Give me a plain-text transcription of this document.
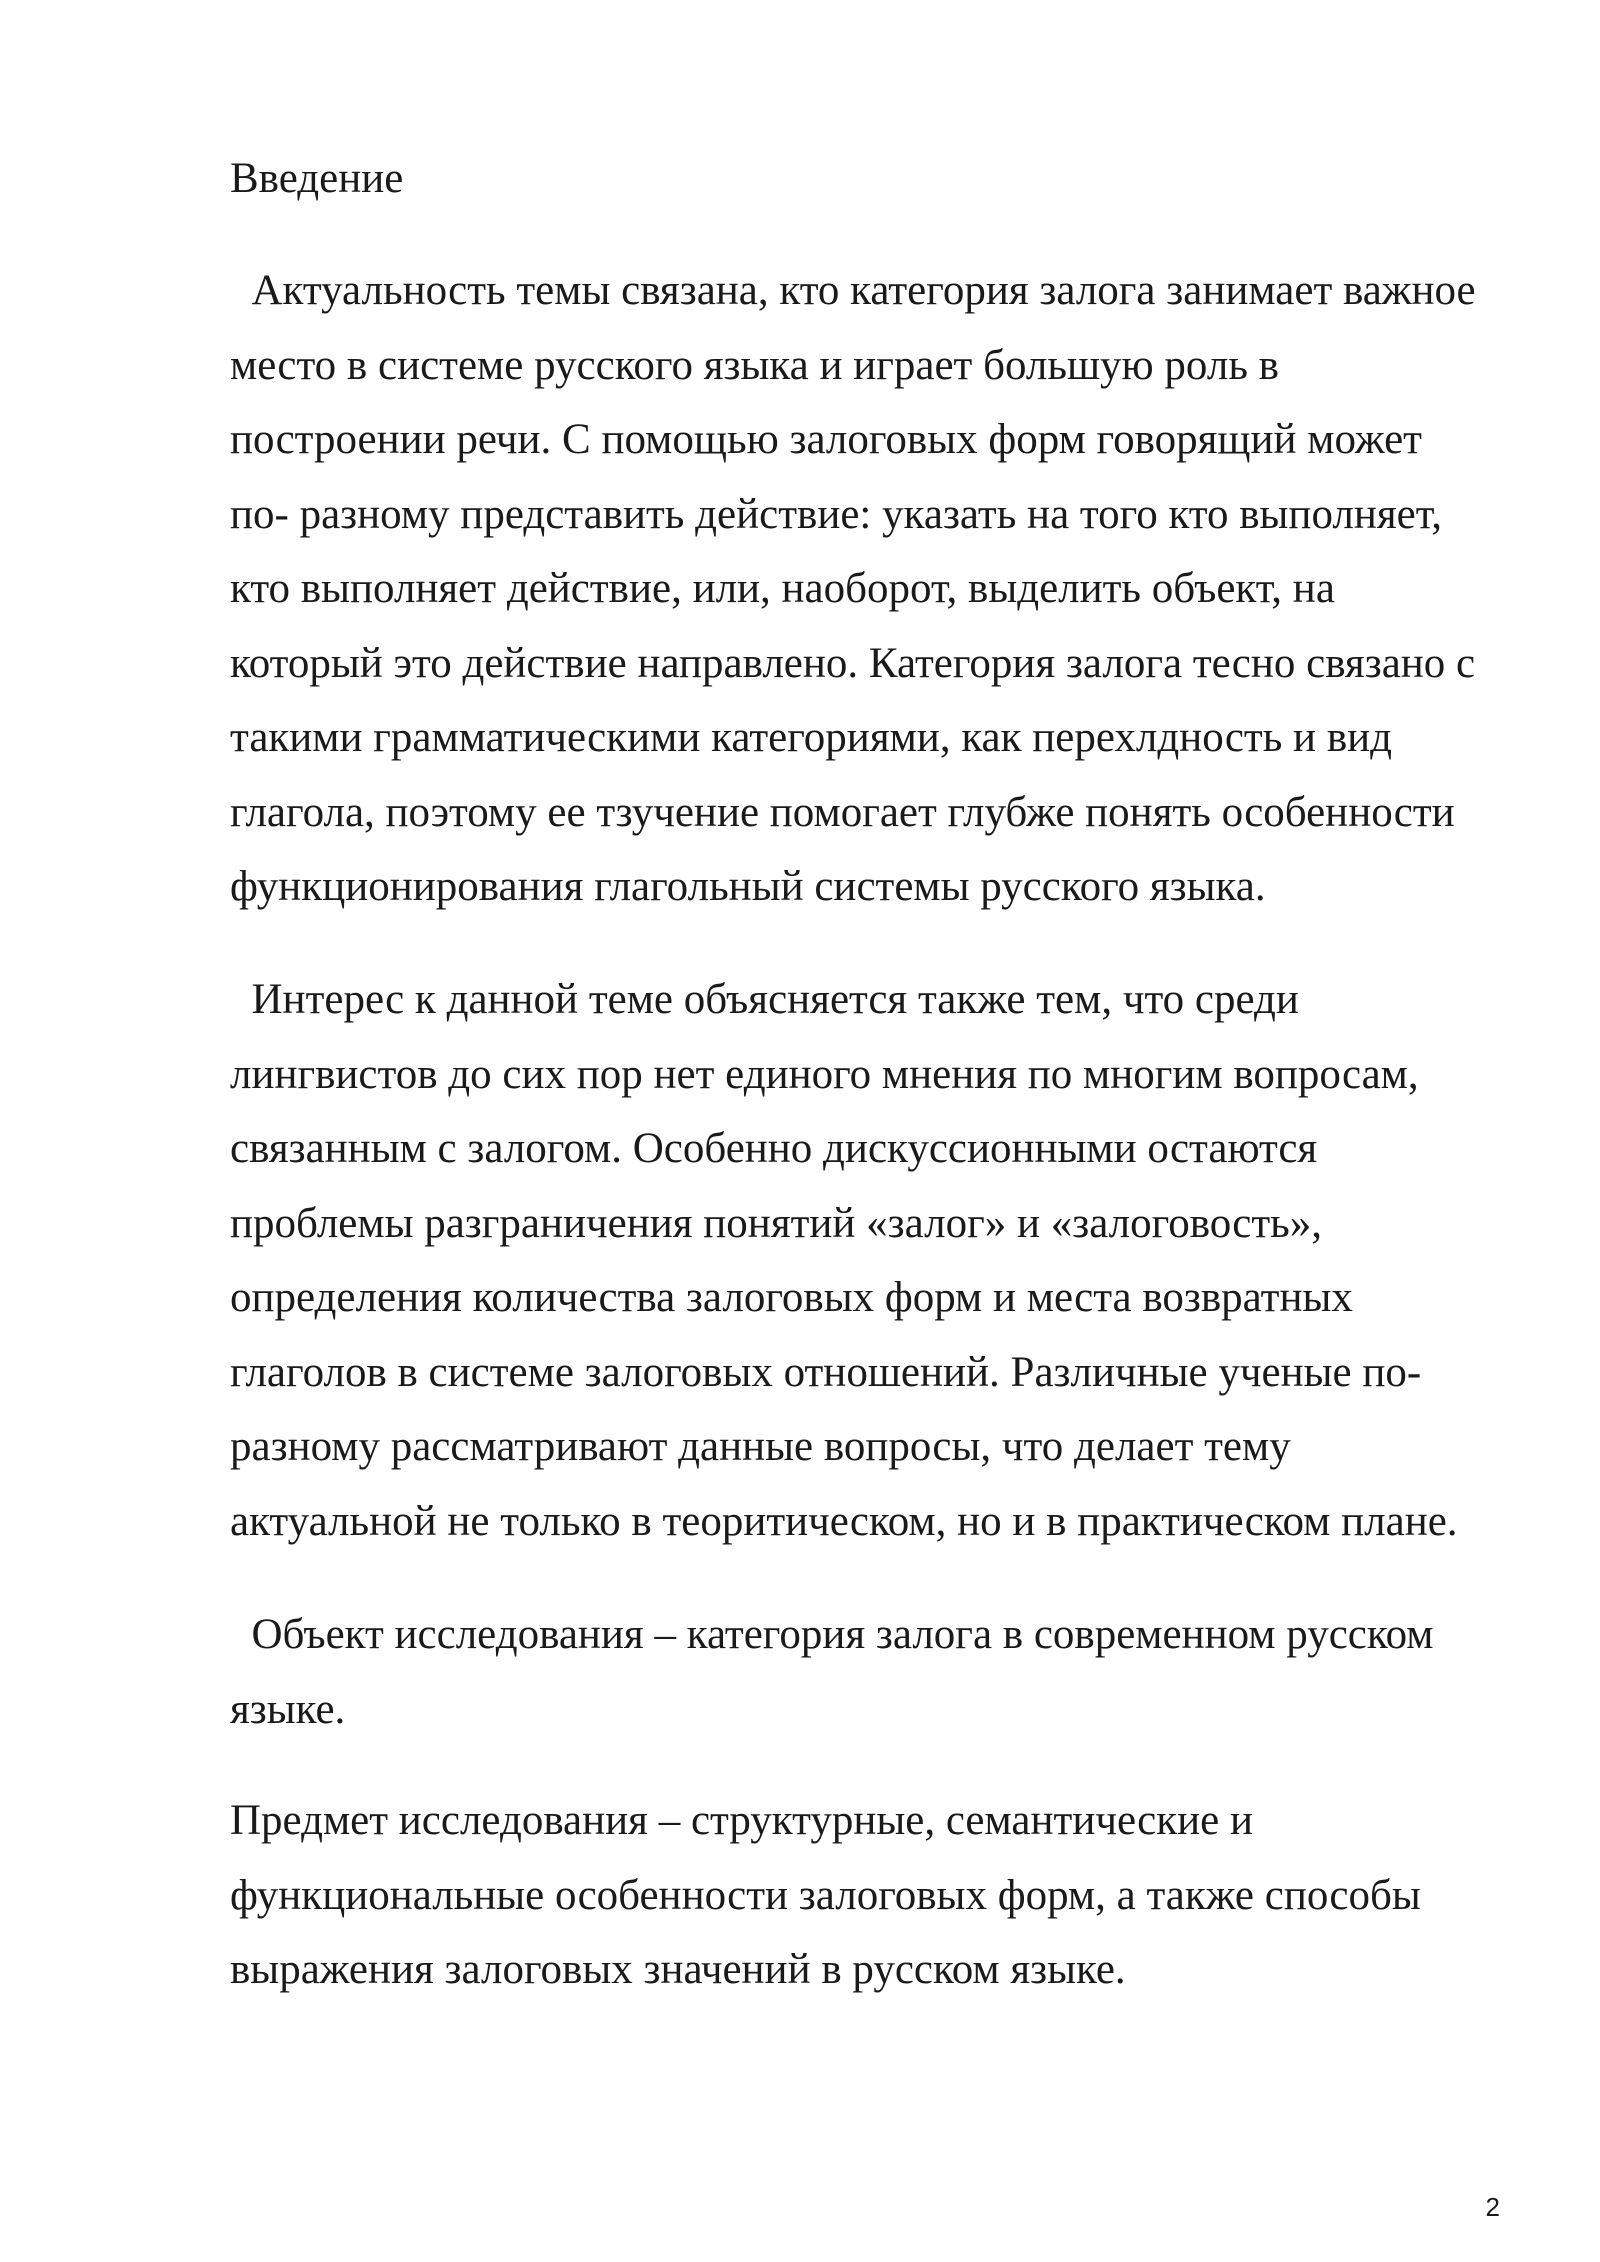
Введение

Актуальность темы связана, кто категория залога занимает важное
место в системе русского языка и играет большую роль в
построении речи. С помощью залоговых форм говорящий может
по- разному представить действие: указать на того кто выполняет,
кто выполняет действие, или, наоборот, выделить объект, на
который это действие направлено. Категория залога тесно связано с
такими грамматическими категориями, как перехлдность и вид
глагола, поэтому ее тзучение помогает глубже понять особенности
функционирования глагольный системы русского языка.

Интерес к данной теме объясняется также тем, что среди
лингвистов до сих пор нет единого мнения по многим вопросам,
связанным с залогом. Особенно дискуссионными остаются
проблемы разграничения понятий «залог» и «залоговость»,
определения количества залоговых форм и места возвратных
глаголов в системе залоговых отношений. Различные ученые по-
разному рассматривают данные вопросы, что делает тему
актуальной не только в теоритическом, но и в практическом плане.

Объект исследования – категория залога в современном русском
языке.

Предмет исследования – структурные, семантические и
функциональные особенности залоговых форм, а также способы
выражения залоговых значений в русском языке.

2
